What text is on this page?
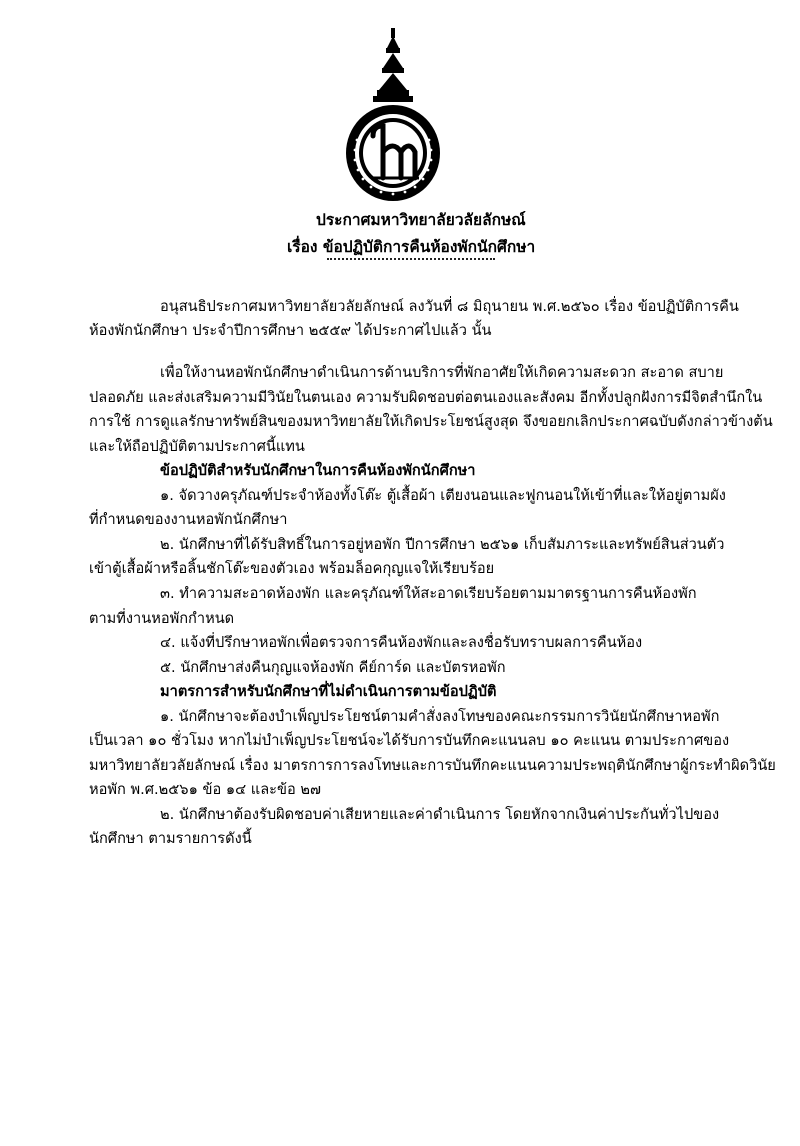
ประกาศมหาวิทยาลัยวลัยลักษณ์
เรื่อง ข้อปฏิบัติการคืนห้องพักนักศึกษา
อนุสนธิประกาศมหาวิทยาลัยวลัยลักษณ์ ลงวันที่ ๘ มิถุนายน พ.ศ.๒๕๖๐ เรื่อง ข้อปฏิบัติการคืน
ห้องพักนักศึกษา ประจำปีการศึกษา ๒๕๕๙ ได้ประกาศไปแล้ว นั้น
เพื่อให้งานหอพักนักศึกษาดำเนินการด้านบริการที่พักอาศัยให้เกิดความสะดวก สะอาด สบาย
ปลอดภัย และส่งเสริมความมีวินัยในตนเอง ความรับผิดชอบต่อตนเองและสังคม อีกทั้งปลูกฝังการมีจิตสำนึกใน
การใช้ การดูแลรักษาทรัพย์สินของมหาวิทยาลัยให้เกิดประโยชน์สูงสุด จึงขอยกเลิกประกาศฉบับดังกล่าวข้างต้น
และให้ถือปฏิบัติตามประกาศนี้แทน
ข้อปฏิบัติสำหรับนักศึกษาในการคืนห้องพักนักศึกษา
๑. จัดวางครุภัณฑ์ประจำห้องทั้งโต๊ะ ตู้เสื้อผ้า เตียงนอนและฟูกนอนให้เข้าที่และให้อยู่ตามผัง
ที่กำหนดของงานหอพักนักศึกษา
๒. นักศึกษาที่ได้รับสิทธิ์ในการอยู่หอพัก ปีการศึกษา ๒๕๖๑ เก็บสัมภาระและทรัพย์สินส่วนตัว
เข้าตู้เสื้อผ้าหรือลิ้นชักโต๊ะของตัวเอง พร้อมล็อคกุญแจให้เรียบร้อย
๓. ทำความสะอาดห้องพัก และครุภัณฑ์ให้สะอาดเรียบร้อยตามมาตรฐานการคืนห้องพัก
ตามที่งานหอพักกำหนด
๔. แจ้งที่ปรึกษาหอพักเพื่อตรวจการคืนห้องพักและลงชื่อรับทราบผลการคืนห้อง
๕. นักศึกษาส่งคืนกุญแจห้องพัก คีย์การ์ด และบัตรหอพัก
มาตรการสำหรับนักศึกษาที่ไม่ดำเนินการตามข้อปฏิบัติ
๑. นักศึกษาจะต้องบำเพ็ญประโยชน์ตามคำสั่งลงโทษของคณะกรรมการวินัยนักศึกษาหอพัก
เป็นเวลา ๑๐ ชั่วโมง หากไม่บำเพ็ญประโยชน์จะได้รับการบันทึกคะแนนลบ ๑๐ คะแนน ตามประกาศของ
มหาวิทยาลัยวลัยลักษณ์ เรื่อง มาตรการการลงโทษและการบันทึกคะแนนความประพฤตินักศึกษาผู้กระทำผิดวินัย
หอพัก พ.ศ.๒๕๖๑ ข้อ ๑๔ และข้อ ๒๗
๒. นักศึกษาต้องรับผิดชอบค่าเสียหายและค่าดำเนินการ โดยหักจากเงินค่าประกันทั่วไปของ
นักศึกษา ตามรายการดังนี้
